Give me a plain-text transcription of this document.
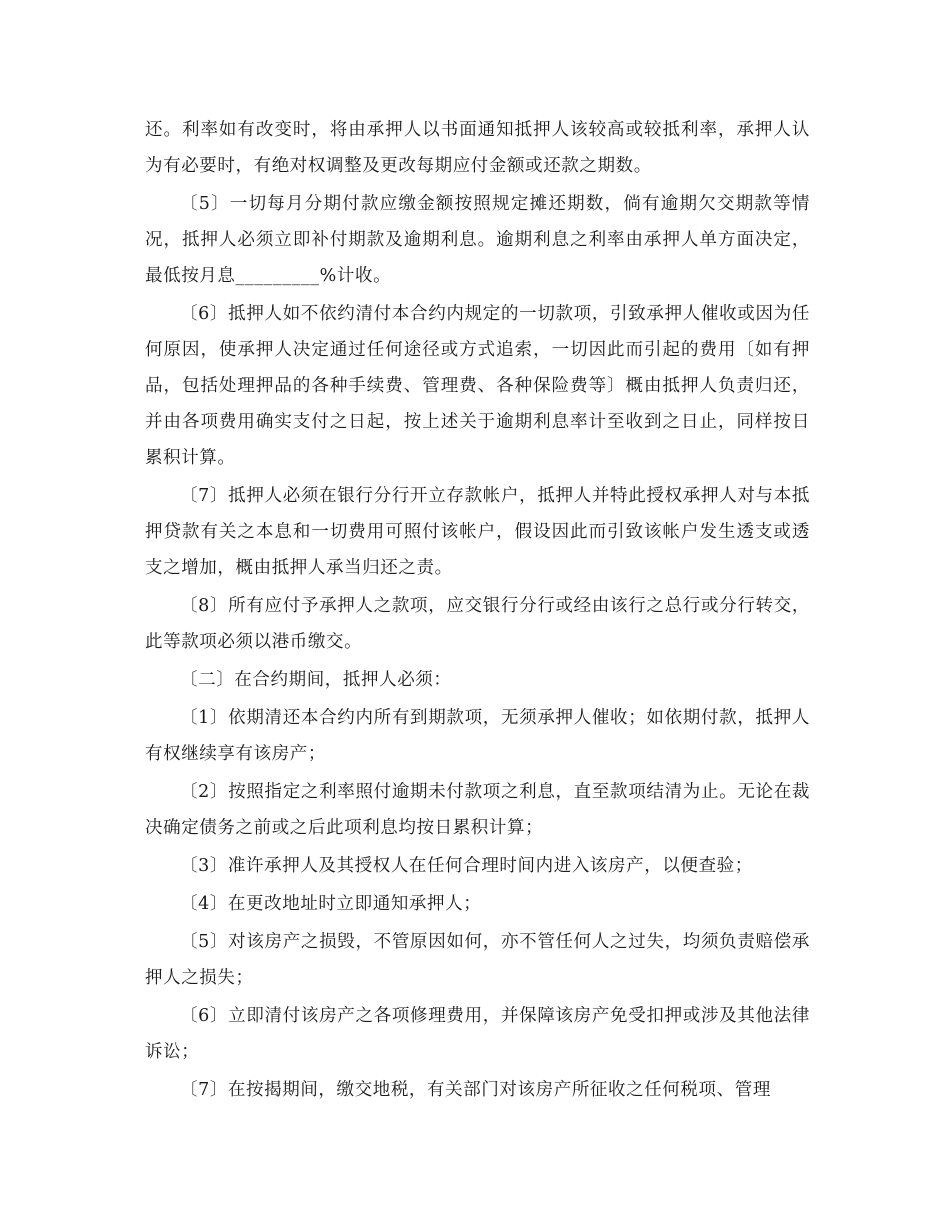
还。利率如有改变时，将由承押人以书面通知抵押人该较高或较抵利率，承押人认为有必要时，有绝对权调整及更改每期应付金额或还款之期数。

〔5〕一切每月分期付款应缴金额按照规定摊还期数，倘有逾期欠交期款等情况，抵押人必须立即补付期款及逾期利息。逾期利息之利率由承押人单方面决定，最低按月息_________%计收。

〔6〕抵押人如不依约清付本合约内规定的一切款项，引致承押人催收或因为任何原因，使承押人决定通过任何途径或方式追索，一切因此而引起的费用〔如有押品，包括处理押品的各种手续费、管理费、各种保险费等〕概由抵押人负责归还，并由各项费用确实支付之日起，按上述关于逾期利息率计至收到之日止，同样按日累积计算。

〔7〕抵押人必须在银行分行开立存款帐户，抵押人并特此授权承押人对与本抵押贷款有关之本息和一切费用可照付该帐户，假设因此而引致该帐户发生透支或透支之增加，概由抵押人承当归还之责。

〔8〕所有应付予承押人之款项，应交银行分行或经由该行之总行或分行转交，此等款项必须以港币缴交。

〔二〕在合约期间，抵押人必须：

〔1〕依期清还本合约内所有到期款项，无须承押人催收；如依期付款，抵押人有权继续享有该房产；

〔2〕按照指定之利率照付逾期未付款项之利息，直至款项结清为止。无论在裁决确定债务之前或之后此项利息均按日累积计算；

〔3〕准许承押人及其授权人在任何合理时间内进入该房产，以便查验；

〔4〕在更改地址时立即通知承押人；

〔5〕对该房产之损毁，不管原因如何，亦不管任何人之过失，均须负责赔偿承押人之损失；

〔6〕立即清付该房产之各项修理费用，并保障该房产免受扣押或涉及其他法律诉讼；

〔7〕在按揭期间，缴交地税，有关部门对该房产所征收之任何税项、管理
